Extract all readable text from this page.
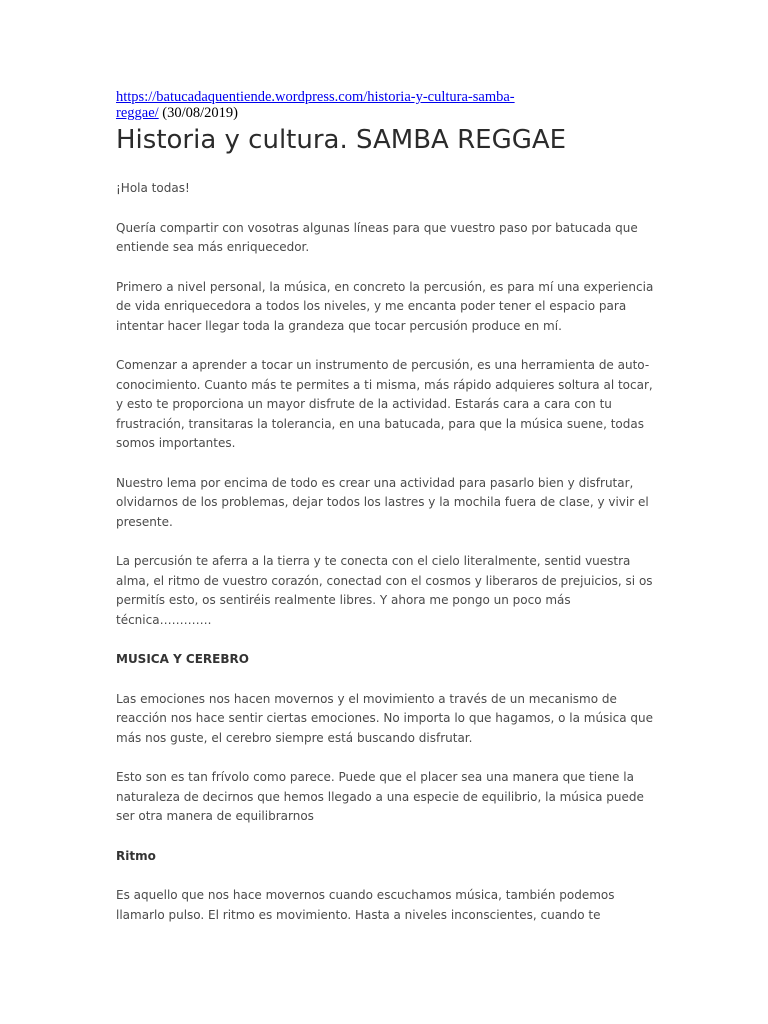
https://batucadaquentiende.wordpress.com/historia-y-cultura-samba-
reggae/ (30/08/2019)

Historia y cultura. SAMBA REGGAE

¡Hola todas!

Quería compartir con vosotras algunas líneas para que vuestro paso por batucada que entiende sea más enriquecedor.

Primero a nivel personal, la música, en concreto la percusión, es para mí una experiencia de vida enriquecedora a todos los niveles, y me encanta poder tener el espacio para intentar hacer llegar toda la grandeza que tocar percusión produce en mí.

Comenzar a aprender a tocar un instrumento de percusión, es una herramienta de auto-conocimiento. Cuanto más te permites a ti misma, más rápido adquieres soltura al tocar, y esto te proporciona un mayor disfrute de la actividad. Estarás cara a cara con tu frustración, transitaras la tolerancia, en una batucada, para que la música suene, todas somos importantes.

Nuestro lema por encima de todo es crear una actividad para pasarlo bien y disfrutar, olvidarnos de los problemas, dejar todos los lastres y la mochila fuera de clase, y vivir el presente.

La percusión te aferra a la tierra y te conecta con el cielo literalmente, sentid vuestra alma, el ritmo de vuestro corazón, conectad con el cosmos y liberaros de prejuicios, si os permitís esto, os sentiréis realmente libres. Y ahora me pongo un poco más técnica………….

MUSICA Y CEREBRO

Las emociones nos hacen movernos y el movimiento a través de un mecanismo de reacción nos hace sentir ciertas emociones. No importa lo que hagamos, o la música que más nos guste, el cerebro siempre está buscando disfrutar.

Esto son es tan frívolo como parece. Puede que el placer sea una manera que tiene la naturaleza de decirnos que hemos llegado a una especie de equilibrio, la música puede ser otra manera de equilibrarnos

Ritmo

Es aquello que nos hace movernos cuando escuchamos música, también podemos llamarlo pulso. El ritmo es movimiento. Hasta a niveles inconscientes, cuando te
